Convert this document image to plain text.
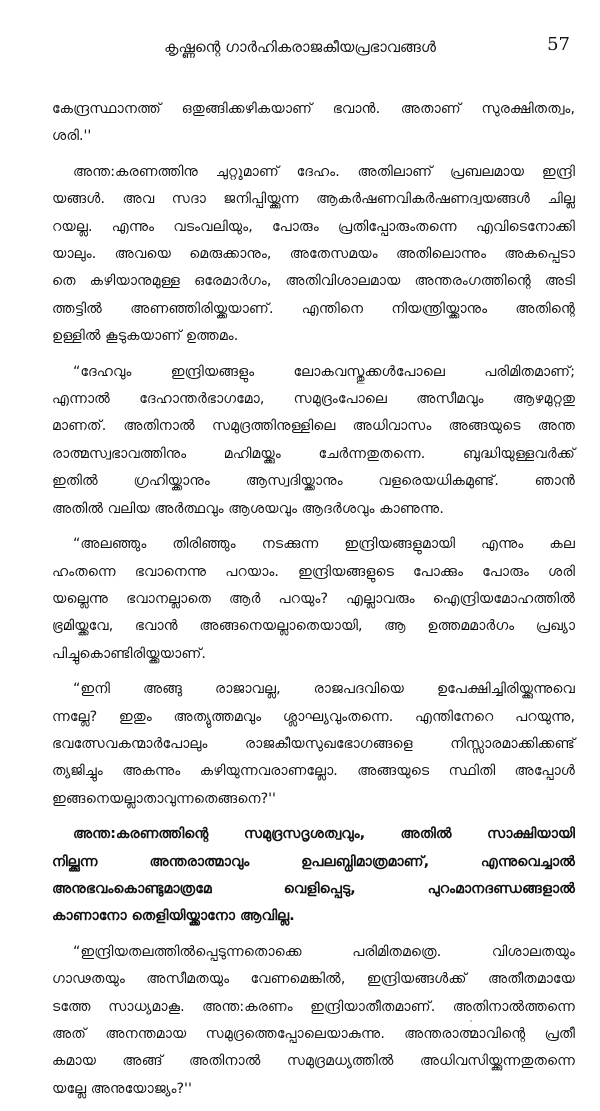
കൃഷ്ണന്റെ ഗാർഹികരാജകീയപ്രഭാവങ്ങൾ	57
കേന്ദ്രസ്ഥാനത്ത് ഒതുങ്ങിക്കഴിക​യാണ് ഭവാൻ. അതാണ് സുരക്ഷിതത്വം,
ശരി.''
അന്ത:കരണത്തിനു ചുറ്റുമാണ് ദേഹം. അതിലാണ് പ്രബലമായ ഇന്ദ്രി
യങ്ങൾ. അവ സദാ ജനിപ്പിയ്ക്കുന്ന ആകർഷണവികർഷണദ്വയങ്ങൾ ചില്ല
റയല്ല. എന്നും വടംവലിയും, പോരും പ്രതിപ്പോരുംതന്നെ എവിടെനോക്കി
യാലും. അവയെ മെരുക്കാനും, അതേസമയം അതിലൊന്നും അകപ്പെടാ
തെ കഴിയാനുമുള്ള ഒരേമാർഗം, അതിവിശാലമായ അന്തരംഗത്തിന്റെ അടി
ത്തട്ടിൽ അണഞ്ഞിരിയ്ക്കയാണ്. എന്തിനെ നിയന്ത്രിയ്ക്കാനും അതിന്റെ
ഉള്ളിൽ കൂടുകയാണ് ഉത്തമം.
“ദേഹവും ഇന്ദ്രിയങ്ങളും ലോകവസ്തുക്കൾപോലെ പരിമിതമാണ്;
എന്നാൽ ദേഹാന്തർഭാഗമോ, സമുദ്രംപോലെ അസീമവും ആഴമുറ്റതു
മാണത്. അതിനാൽ സമുദ്രത്തിനുള്ളിലെ അധിവാസം അങ്ങയുടെ അന്ത
രാത്മസ്വഭാവത്തിനും മഹിമയ്ക്കും ചേർന്നതുതന്നെ. ബുദ്ധിയുള്ളവർക്ക്
ഇതിൽ ഗ്രഹിയ്ക്കാനും ആസ്വദിയ്ക്കാനും വളരെയധികമുണ്ട്. ഞാൻ
അതിൽ വലിയ അർത്ഥവും ആശയവും ആദർശവും കാണുന്നു.
“അലഞ്ഞും തിരിഞ്ഞും നടക്കുന്ന ഇന്ദ്രിയങ്ങളുമായി എന്നും കല
ഹംതന്നെ ഭവാനെന്നു പറയാം. ഇന്ദ്രിയങ്ങളുടെ പോക്കും പോരും ശരി
യല്ലെന്നു ഭവാനല്ലാതെ ആർ പറയും? എല്ലാവരും ഐന്ദ്രിയമോഹത്തിൽ
ഭ്രമിയ്ക്കവേ, ഭവാൻ അങ്ങനെയല്ലാതെയായി, ആ ഉത്തമമാർഗം പ്രഖ്യാ
പിച്ചുകൊണ്ടിരിയ്ക്കയാണ്.
“ഇനി അങ്ങു രാജാവല്ല, രാജപദവിയെ ഉപേക്ഷിച്ചിരിയ്ക്കുന്നുവെ
ന്നല്ലേ? ഇതും അത്യുത്തമവും ശ്ലാഘ്യവുംതന്നെ. എന്തിനേറെ പറയുന്നു,
ഭവത്സേവകന്മാർപോലും രാജകീയസുഖഭോഗങ്ങളെ നിസ്സാരമാക്കിക്കണ്ട്
ത്യജിച്ചും അകന്നും കഴിയുന്നവരാണല്ലോ. അങ്ങയുടെ സ്ഥിതി അപ്പോൾ
ഇങ്ങനെയല്ലാതാവുന്നതെങ്ങനെ?''
അന്ത:കരണത്തിന്റെ സമുദ്രസദൃശത്വവും, അതിൽ സാക്ഷിയായി
നില്ക്കുന്ന അന്തരാത്മാവും ഉപലബ്ധിമാത്രമാണ്, എന്നുവെച്ചാൽ
അനുഭവംകൊണ്ടുമാത്രമേ വെളിപ്പെടു, പുറംമാനദണ്ഡങ്ങളാൽ
കാണാനോ തെളിയിയ്ക്കാനോ ആവില്ല.
“ഇന്ദ്രിയതലത്തിൽപ്പെടുന്നതൊക്കെ പരിമിതമത്രെ. വിശാലതയും
ഗാഢതയും അസീമതയും വേണമെങ്കിൽ, ഇന്ദ്രിയങ്ങൾക്ക് അതീതമായേ
ടത്തേ സാധ്യമാകൂ. അന്ത:കരണം ഇന്ദ്രിയാതീതമാണ്. അതിനാൽത്തന്നെ
അത് അനന്തമായ സമുദ്രത്തെപ്പോലെയാകുന്നു. അന്തരാത്മാവിന്റെ പ്രതീ
കമായ അങ്ങ് അതിനാൽ സമുദ്രമധ്യത്തിൽ അധിവസിയ്ക്കുന്നതുതന്നെ
യല്ലേ അനുയോജ്യം?''
